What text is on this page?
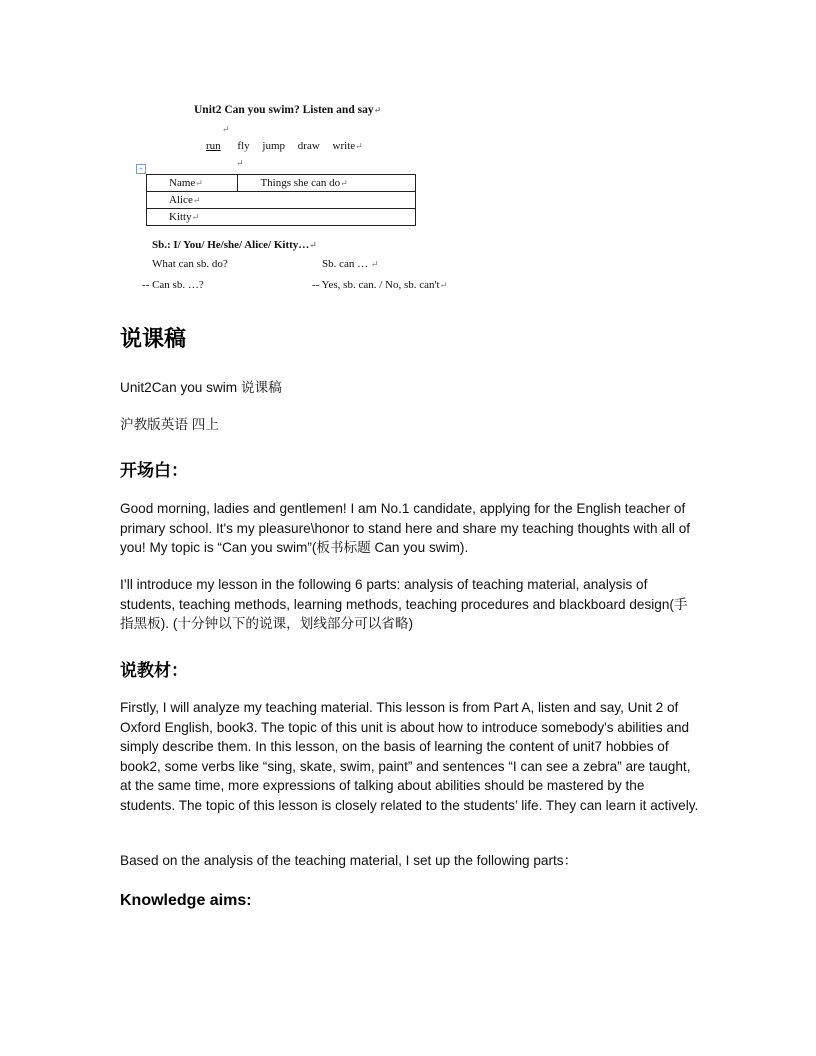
Unit2 Can you swim? Listen and say↵
↵
run fly jump draw write↵
↵
+
Name↵	Things she can do↵
Alice↵
Kitty↵
Sb.: I/ You/ He/she/ Alice/ Kitty…↵
What can sb. do?	Sb. can … ↵
-- Can sb. …?	-- Yes, sb. can. / No, sb. can't↵
说课稿

Unit2Can you swim 说课稿

沪教版英语 四上

开场白：

Good morning, ladies and gentlemen! I am No.1 candidate, applying for the English teacher of primary school. It's my pleasure\honor to stand here and share my teaching thoughts with all of you! My topic is “Can you swim”(板书标题 Can you swim).

I’ll introduce my lesson in the following 6 parts: analysis of teaching material, analysis of students, teaching methods, learning methods, teaching procedures and blackboard design(手指黑板). (十分钟以下的说课，划线部分可以省略)

说教材：

Firstly, I will analyze my teaching material. This lesson is from Part A, listen and say, Unit 2 of Oxford English, book3. The topic of this unit is about how to introduce somebody's abilities and simply describe them. In this lesson, on the basis of learning the content of unit7 hobbies of book2, some verbs like “sing, skate, swim, paint” and sentences “I can see a zebra” are taught, at the same time, more expressions of talking about abilities should be mastered by the students. The topic of this lesson is closely related to the students’ life. They can learn it actively.

Based on the analysis of the teaching material, I set up the following parts：

Knowledge aims:
